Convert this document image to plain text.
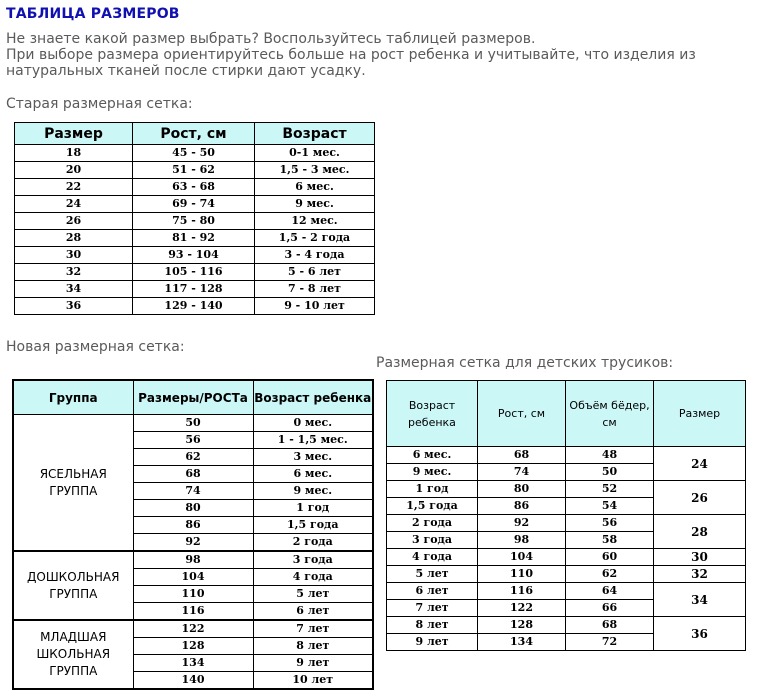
ТАБЛИЦА РАЗМЕРОВ

Не знаете какой размер выбрать? Воспользуйтесь таблицей размеров.

При выборе размера ориентируйтесь больше на рост ребенка и учитывайте, что изделия из натуральных тканей после стирки дают усадку.

Старая размерная сетка:
Размер	Рост, см	Возраст
18	45 - 50	0-1 мес.
20	51 - 62	1,5 - 3 мес.
22	63 - 68	6 мес.
24	69 - 74	9 мес.
26	75 - 80	12 мес.
28	81 - 92	1,5 - 2 года
30	93 - 104	3 - 4 года
32	105 - 116	5 - 6 лет
34	117 - 128	7 - 8 лет
36	129 - 140	9 - 10 лет
Новая размерная сетка:
Группа	Размеры/РОСТа	Возраст ребенка
ЯСЕЛЬНАЯ ГРУППА	50	0 мес.
	56	1 - 1,5 мес.
	62	3 мес.
	68	6 мес.
	74	9 мес.
	80	1 год
	86	1,5 года
	92	2 года
ДОШКОЛЬНАЯ ГРУППА	98	3 года
	104	4 года
	110	5 лет
	116	6 лет
МЛАДШАЯ ШКОЛЬНАЯ ГРУППА	122	7 лет
	128	8 лет
	134	9 лет
	140	10 лет
Размерная сетка для детских трусиков:
Возраст ребенка	Рост, см	Объём бёдер, см	Размер
6 мес.	68	48	24
9 мес.	74	50	
1 год	80	52	26
1,5 года	86	54	
2 года	92	56	28
3 года	98	58	
4 года	104	60	30
5 лет	110	62	32
6 лет	116	64	34
7 лет	122	66	
8 лет	128	68	36
9 лет	134	72	
